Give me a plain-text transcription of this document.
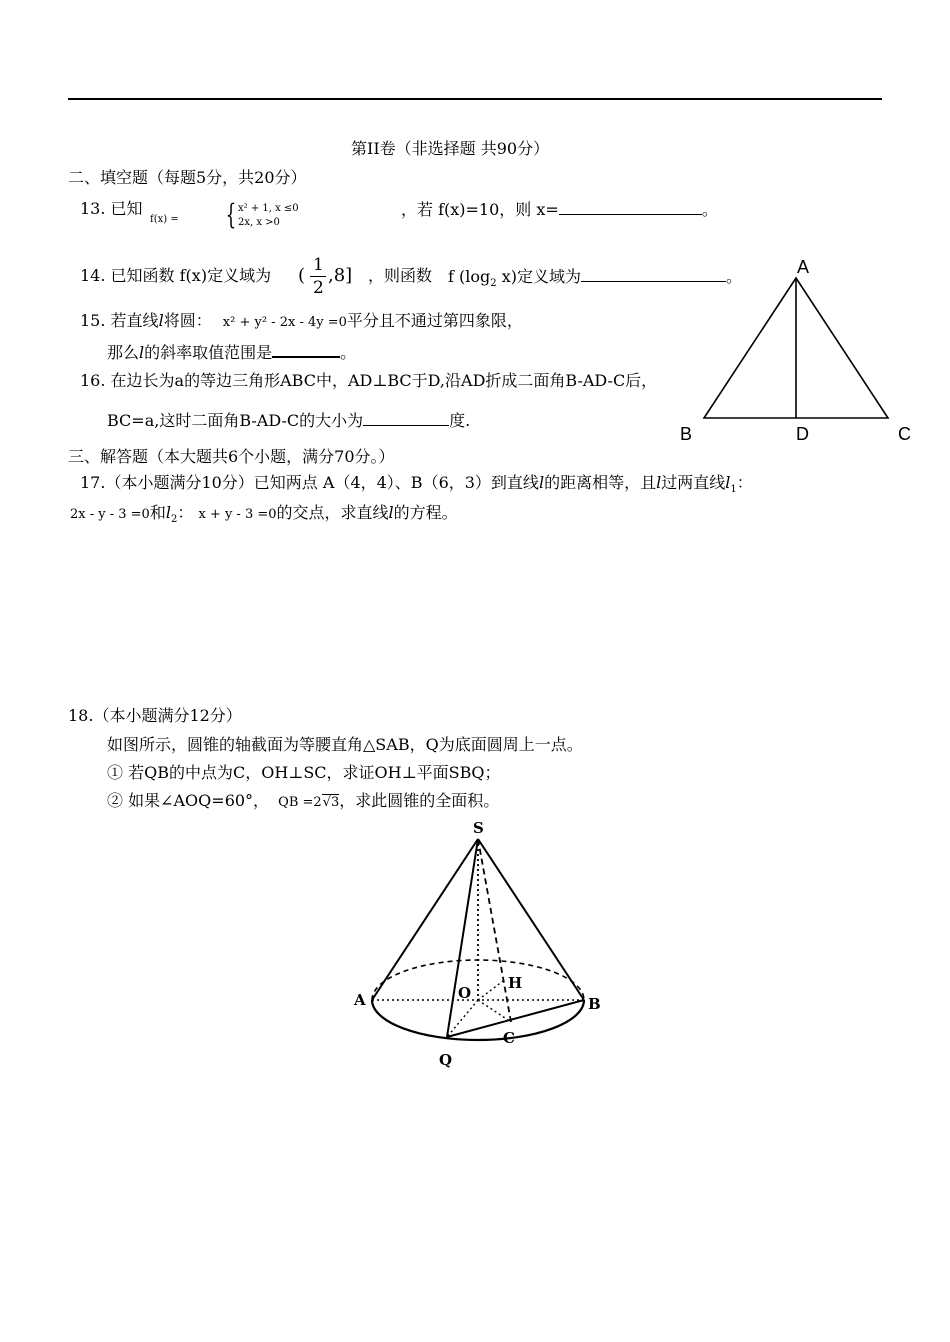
第II卷（非选择题 共90分）
二、填空题（每题5分，共20分）
13. 已知
f(x) = { x² + 1, x ≤0
2x, x >0
，若 f(x)=10，则 x=	。
14. 已知函数 f(x)定义域为 ( 1
2
,8] ，则函数 f ($\log_2$ x)定义域为	。
15. 若直线l将圆： x² + y² - 2x - 4y =0平分且不通过第四象限，
那么l的斜率取值范围是	。
16. 在边长为a的等边三角形ABC中，AD⊥BC于D,沿AD折成二面角B-AD-C后，
BC=a,这时二面角B-AD-C的大小为	度.
A
B	D	C
三、解答题（本大题共6个小题，满分70分。）
17.（本小题满分10分）已知两点 A（4，4）、B（6，3）到直线l的距离相等，且l过两直线$l_1$：
2x - y - 3 =0和$l_2$： x + y - 3 =0的交点，求直线l的方程。
18.（本小题满分12分）
如图所示，圆锥的轴截面为等腰直角△SAB，Q为底面圆周上一点。
① 若QB的中点为C，OH⊥SC，求证OH⊥平面SBQ；
② 如果∠AOQ=60°， QB =2√3，求此圆锥的全面积。
S
A	B
O
H
C
Q
